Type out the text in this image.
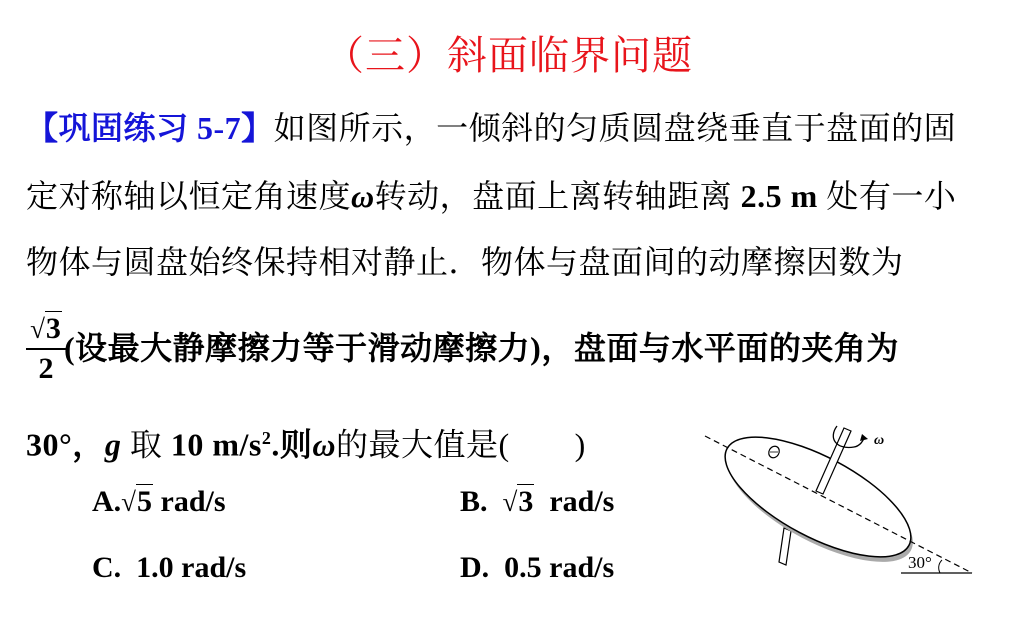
（三）斜面临界问题
【巩固练习 5-7】如图所示，一倾斜的匀质圆盘绕垂直于盘面的固
定对称轴以恒定角速度ω转动，盘面上离转轴距离 2.5 m 处有一小
物体与圆盘始终保持相对静止．物体与盘面间的动摩擦因数为
√3
2
(设最大静摩擦力等于滑动摩擦力)，盘面与水平面的夹角为
30°，g 取 10 $m/s^2$.则ω的最大值是(　　)
A.√5 rad/s	B. √3  rad/s
C. 1.0 rad/s	D. 0.5 rad/s
ω
30°
